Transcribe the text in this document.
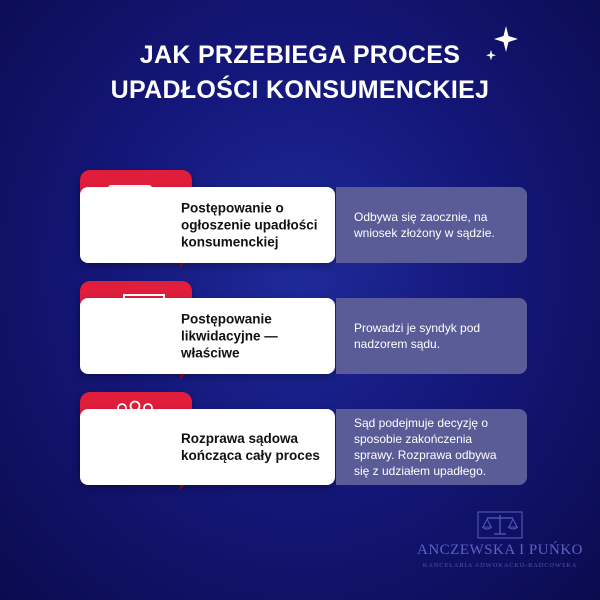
JAK PRZEBIEGA PROCES
UPADŁOŚCI KONSUMENCKIEJ
Postępowanie o
ogłoszenie upadłości
konsumenckiej
Odbywa się zaocznie, na
wniosek złożony w sądzie.
Postępowanie
likwidacyjne —
właściwe
Prowadzi je syndyk pod
nadzorem sądu.
Rozprawa sądowa
kończąca cały proces
Sąd podejmuje decyzję o
sposobie zakończenia
sprawy. Rozprawa odbywa
się z udziałem upadłego.
ANCZEWSKA I PUŃKO
KANCELARIA ADWOKACKO-RADCOWSKA
